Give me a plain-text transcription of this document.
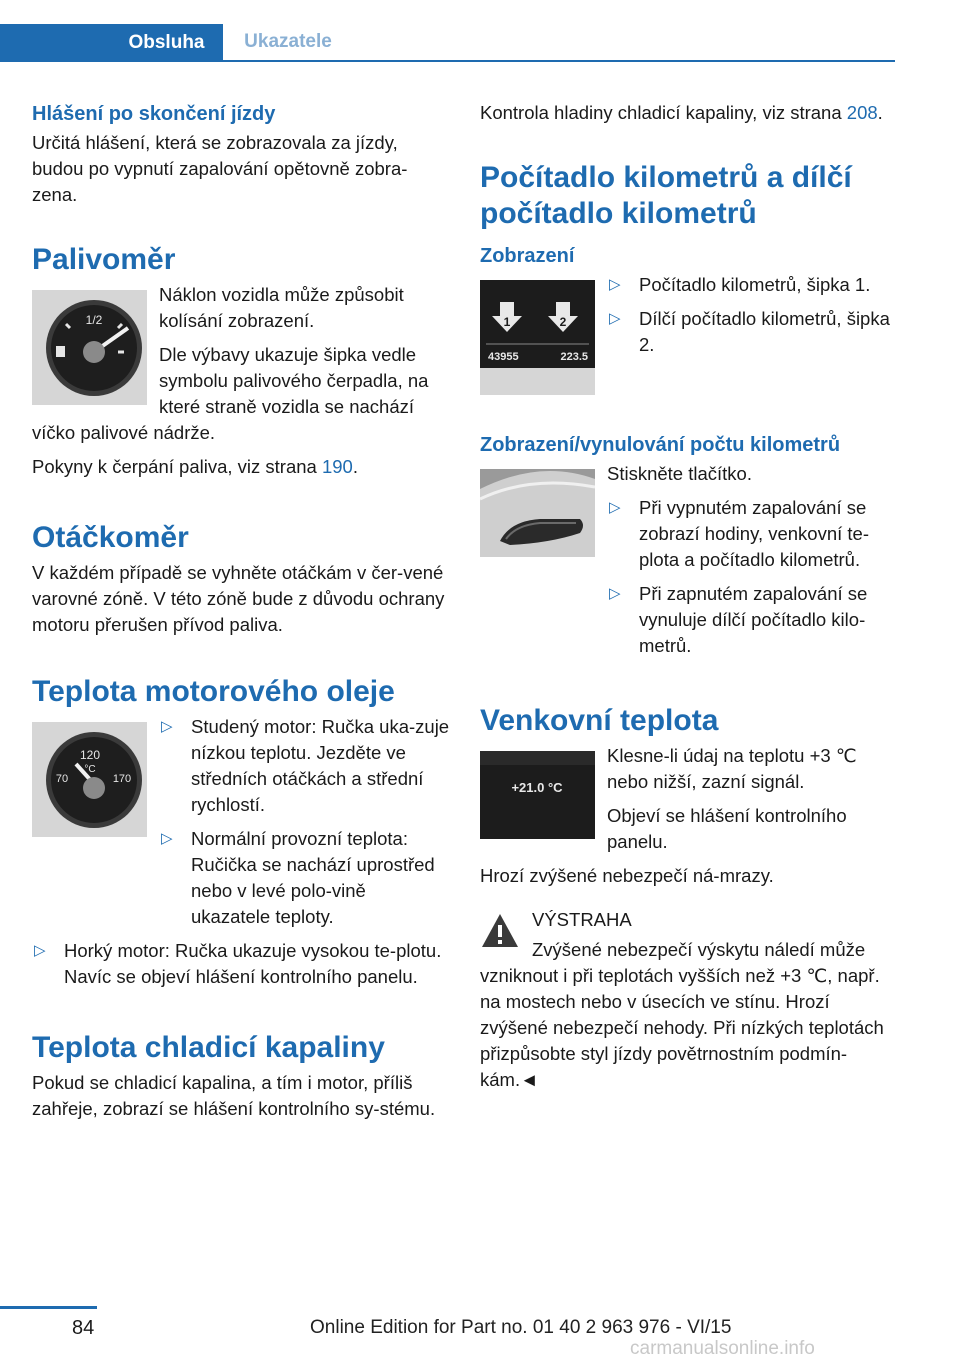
Obsluha	Ukazatele
Hlášení po skončení jízdy

Určitá hlášení, která se zobrazovala za jízdy, budou po vypnutí zapalování opětovně zobra-zena.

Palivoměr
1/2

Náklon vozidla může způsobit kolísání zobrazení.

Dle výbavy ukazuje šipka vedle symbolu palivového čerpadla, na které straně vozidla se nachází víčko palivové nádrže.

Pokyny k čerpání paliva, viz strana 190.

Otáčkoměr

V každém případě se vyhněte otáčkám v čer-vené varovné zóně. V této zóně bude z důvodu ochrany motoru přerušen přívod paliva.

Teplota motorového oleje
120
°C
70	170
▷ Studený motor: Ručka uka-zuje nízkou teplotu. Jezděte ve středních otáčkách a střední rychlostí.
▷ Normální provozní teplota: Ručička se nachází uprostřed nebo v levé polo-vině ukazatele teploty.
▷ Horký motor: Ručka ukazuje vysokou te-plotu. Navíc se objeví hlášení kontrolního panelu.
Teplota chladicí kapaliny

Pokud se chladicí kapalina, a tím i motor, příliš zahřeje, zobrazí se hlášení kontrolního sy-stému.

Kontrola hladiny chladicí kapaliny, viz strana 208.

Počítadlo kilometrů a dílčí počítadlo kilometrů
Zobrazení
1	2
43955	223.5
▷ Počítadlo kilometrů, šipka 1.
▷ Dílčí počítadlo kilometrů, šipka 2.
Zobrazení/vynulování počtu kilometrů

Stiskněte tlačítko.

▷ Při vypnutém zapalování se zobrazí hodiny, venkovní te-plota a počítadlo kilometrů.
▷ Při zapnutém zapalování se vynuluje dílčí počítadlo kilo-metrů.
Venkovní teplota
+21.0 °C

Klesne-li údaj na teplotu +3 ℃ nebo nižší, zazní signál.

Objeví se hlášení kontrolního panelu.

Hrozí zvýšené nebezpečí ná-mrazy.

VÝSTRAHA

Zvýšené nebezpečí výskytu náledí může vzniknout i při teplotách vyšších než +3 ℃, např. na mostech nebo v úsecích ve stínu. Hrozí zvýšené nebezpečí nehody. Při nízkých teplotách přizpůsobte styl jízdy povětrnostním podmín-kám.◄

84	Online Edition for Part no. 01 40 2 963 976 - VI/15
carmanualsonline.info
